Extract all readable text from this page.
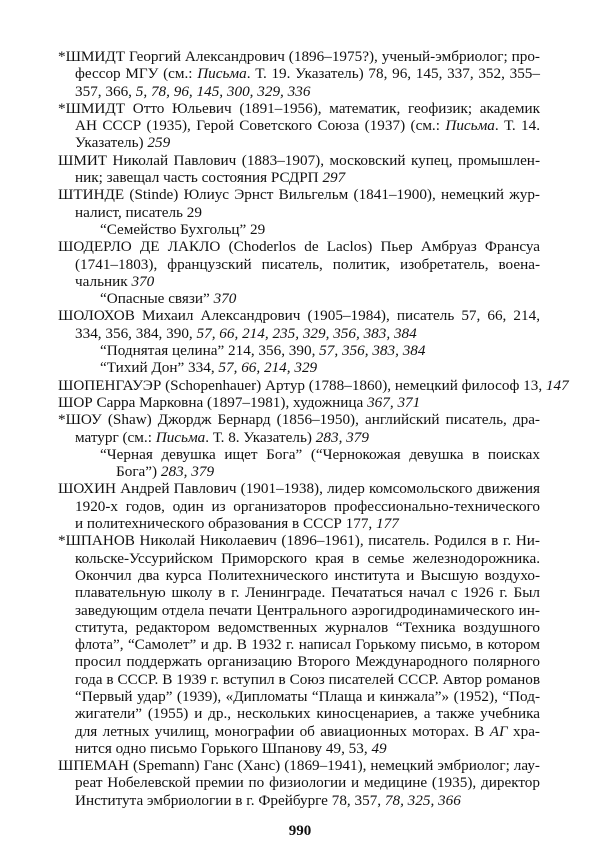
*ШМИДТ Георгий Александрович (1896–1975?), ученый-эмбриолог; про-
фессор МГУ (см.: Письма. Т. 19. Указатель) 78, 96, 145, 337, 352, 355–
357, 366, 5, 78, 96, 145, 300, 329, 336
*ШМИДТ Отто Юльевич (1891–1956), математик, геофизик; академик
АН СССР (1935), Герой Советского Союза (1937) (см.: Письма. Т. 14.
Указатель) 259
ШМИТ Николай Павлович (1883–1907), московский купец, промышлен-
ник; завещал часть состояния РСДРП 297
ШТИНДЕ (Stinde) Юлиус Эрнст Вильгельм (1841–1900), немецкий жур-
налист, писатель 29
“Семейство Бухгольц” 29
ШОДЕРЛО ДЕ ЛАКЛО (Choderlos de Laclos) Пьер Амбруаз Франсуа
(1741–1803), французский писатель, политик, изобретатель, военa-
чальник 370
“Опасные связи” 370
ШОЛОХОВ Михаил Александрович (1905–1984), писатель 57, 66, 214,
334, 356, 384, 390, 57, 66, 214, 235, 329, 356, 383, 384
“Поднятая целина” 214, 356, 390, 57, 356, 383, 384
“Тихий Дон” 334, 57, 66, 214, 329
ШОПЕНГАУЭР (Schopenhauer) Артур (1788–1860), немецкий философ 13, 147
ШОР Сарра Марковна (1897–1981), художница 367, 371
*ШОУ (Shaw) Джордж Бернард (1856–1950), английский писатель, дра-
матург (см.: Письма. Т. 8. Указатель) 283, 379
“Черная девушка ищет Бога” (“Чернокожая девушка в поисках
Бога”) 283, 379
ШОХИН Андрей Павлович (1901–1938), лидер комсомольского движения
1920-х годов, один из организаторов профессионально-технического
и политехнического образования в СССР 177, 177
*ШПАНОВ Николай Николаевич (1896–1961), писатель. Родился в г. Ни-
кольске-Уссурийском Приморского края в семье железнодорожника.
Окончил два курса Политехнического института и Высшую воздухо-
плавательную школу в г. Ленинграде. Печататься начал с 1926 г. Был
заведующим отдела печати Центрального аэрогидродинамического ин-
ститута, редактором ведомственных журналов “Техника воздушного
флота”, “Самолет” и др. В 1932 г. написал Горькому письмо, в котором
просил поддержать организацию Второго Международного полярного
года в СССР. В 1939 г. вступил в Союз писателей СССР. Автор романов
“Первый удар” (1939), «Дипломаты “Плаща и кинжала”» (1952), “Под-
жигатели” (1955) и др., нескольких киносценариев, а также учебника
для летных училищ, монографии об авиационных моторах. В АГ хра-
нится одно письмо Горького Шпанову 49, 53, 49
ШПЕМАН (Spemann) Ганс (Ханс) (1869–1941), немецкий эмбриолог; лау-
реат Нобелевской премии по физиологии и медицине (1935), директор
Института эмбриологии в г. Фрейбурге 78, 357, 78, 325, 366
990
